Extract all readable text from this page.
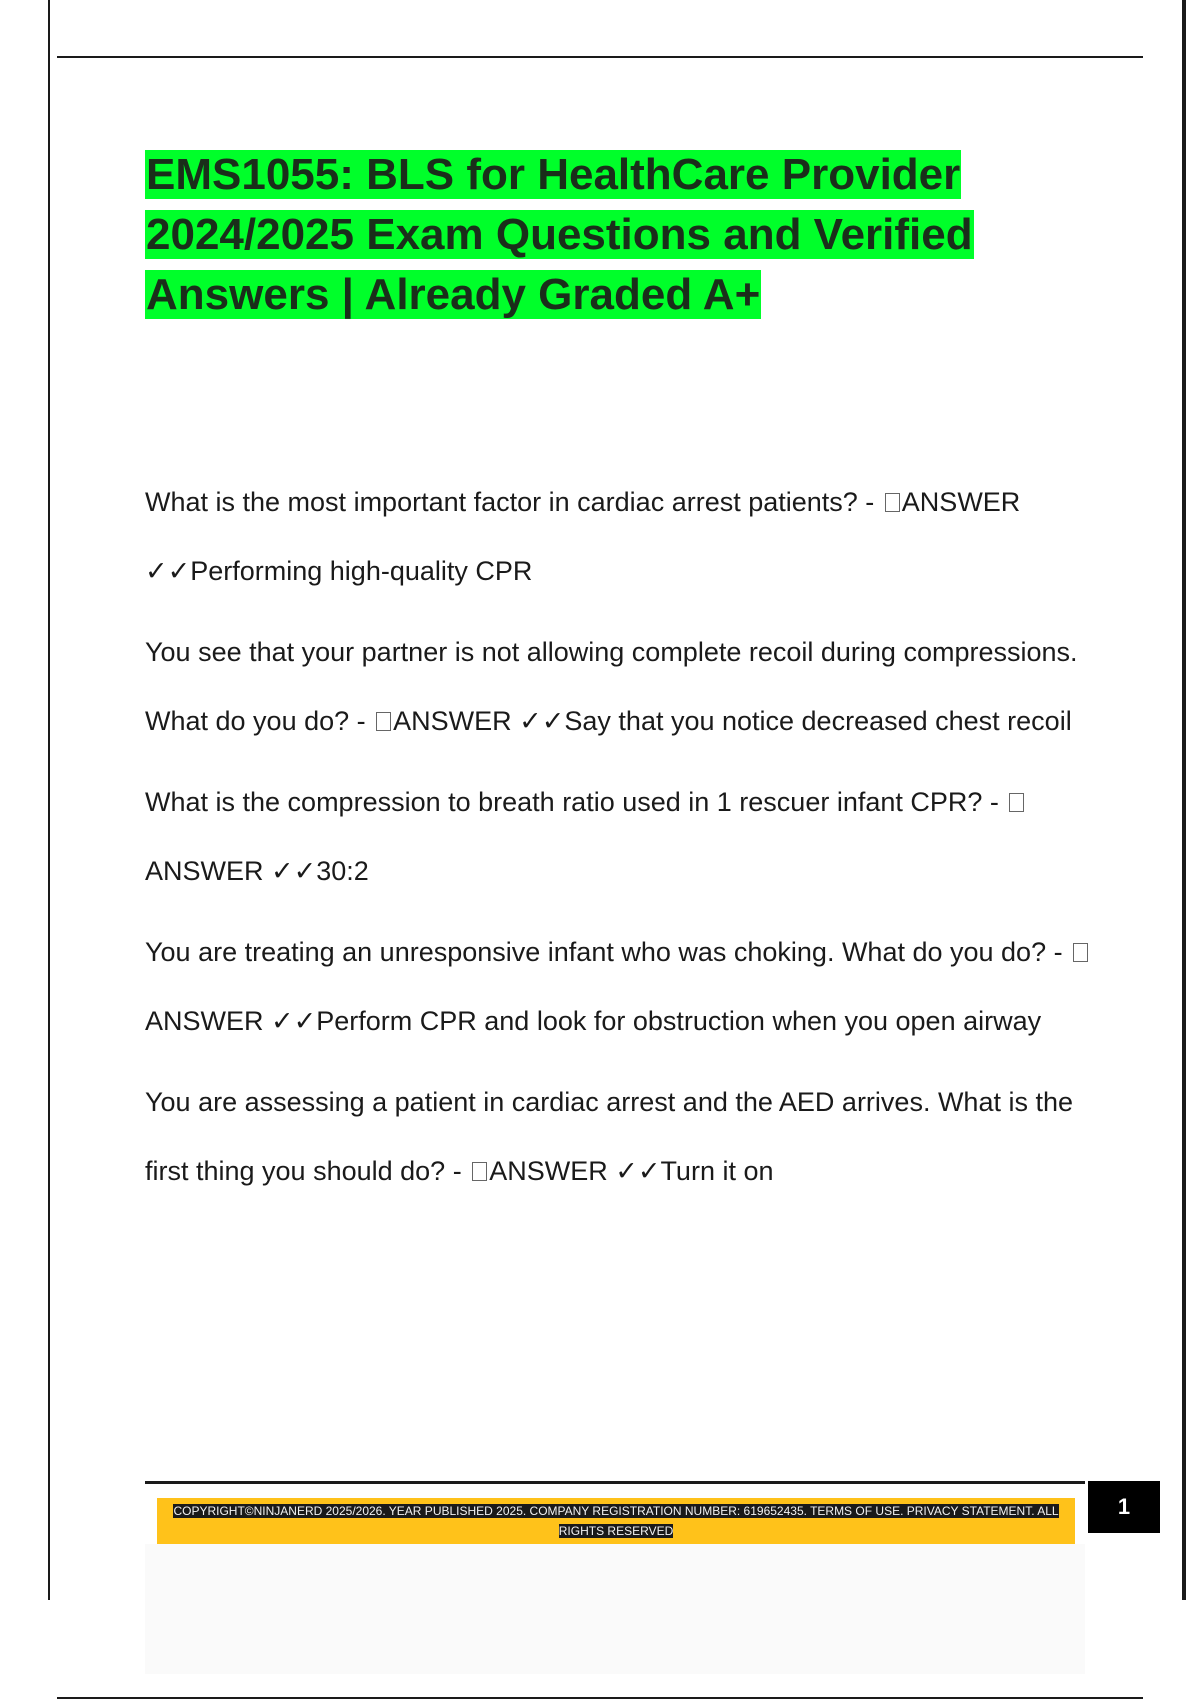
EMS1055: BLS for HealthCare Provider
2024/2025 Exam Questions and Verified
Answers | Already Graded A+
What is the most important factor in cardiac arrest patients? - ANSWER ✓✓Performing high-quality CPR
You see that your partner is not allowing complete recoil during compressions. What do you do? - ANSWER ✓✓Say that you notice decreased chest recoil
What is the compression to breath ratio used in 1 rescuer infant CPR? - ANSWER ✓✓30:2
You are treating an unresponsive infant who was choking. What do you do? - ANSWER ✓✓Perform CPR and look for obstruction when you open airway
You are assessing a patient in cardiac arrest and the AED arrives. What is the first thing you should do? - ANSWER ✓✓Turn it on

COPYRIGHT©NINJANERD 2025/2026. YEAR PUBLISHED 2025. COMPANY REGISTRATION NUMBER: 619652435. TERMS OF USE. PRIVACY STATEMENT. ALL RIGHTS RESERVED

1
